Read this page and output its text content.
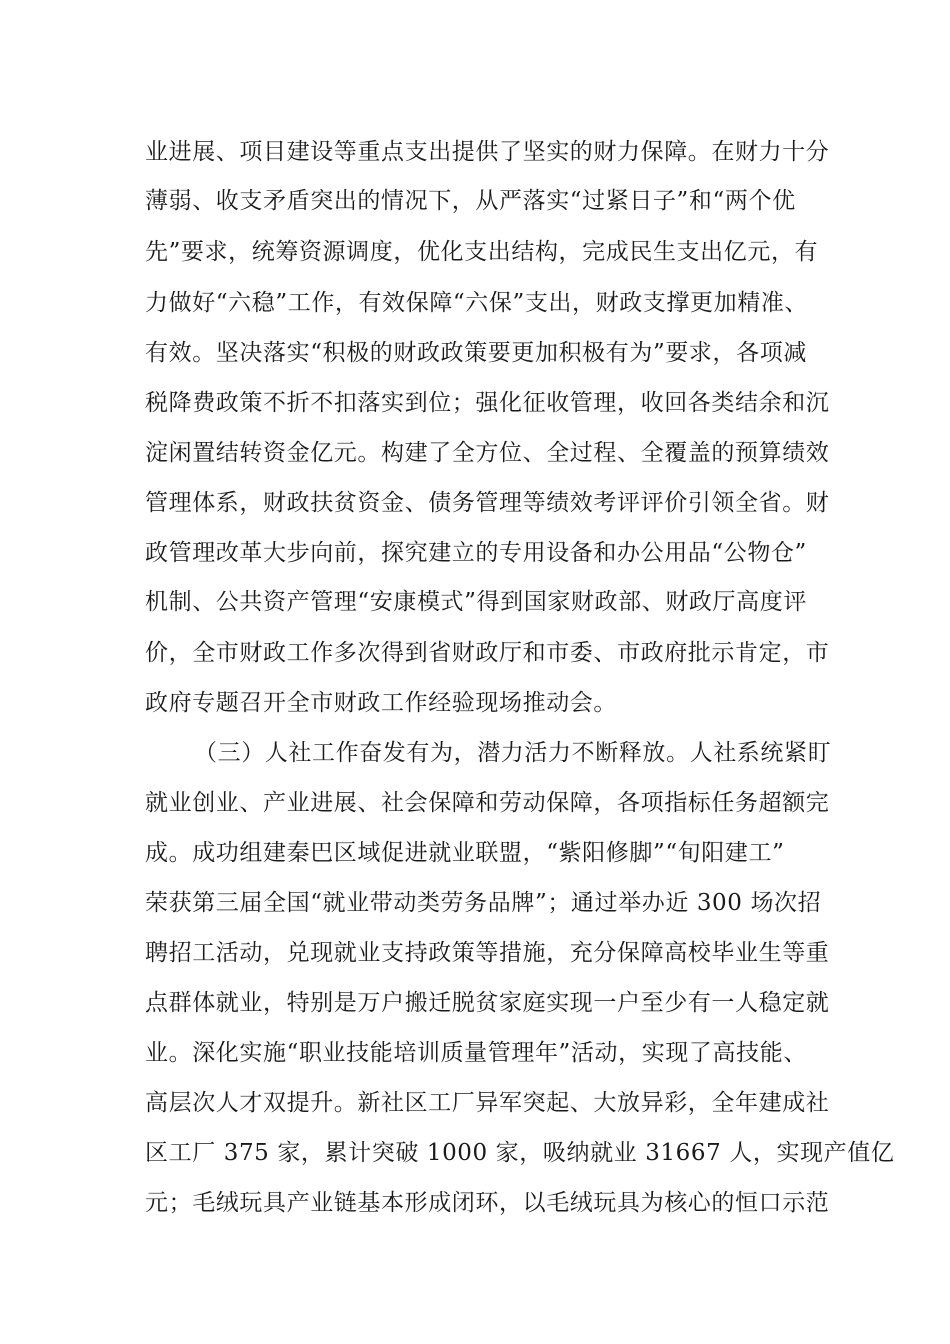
业进展、项目建设等重点支出提供了坚实的财力保障。在财力十分
薄弱、收支矛盾突出的情况下，从严落实“过紧日子”和“两个优
先”要求，统筹资源调度，优化支出结构，完成民生支出亿元，有
力做好“六稳”工作，有效保障“六保”支出，财政支撑更加精准、
有效。坚决落实“积极的财政政策要更加积极有为”要求，各项减
税降费政策不折不扣落实到位；强化征收管理，收回各类结余和沉
淀闲置结转资金亿元。构建了全方位、全过程、全覆盖的预算绩效
管理体系，财政扶贫资金、债务管理等绩效考评评价引领全省。财
政管理改革大步向前，探究建立的专用设备和办公用品“公物仓”
机制、公共资产管理“安康模式”得到国家财政部、财政厅高度评
价，全市财政工作多次得到省财政厅和市委、市政府批示肯定，市
政府专题召开全市财政工作经验现场推动会。
（三）人社工作奋发有为，潜力活力不断释放。人社系统紧盯
就业创业、产业进展、社会保障和劳动保障，各项指标任务超额完
成。成功组建秦巴区域促进就业联盟，“紫阳修脚”“旬阳建工”
荣获第三届全国“就业带动类劳务品牌”；通过举办近 300 场次招
聘招工活动，兑现就业支持政策等措施，充分保障高校毕业生等重
点群体就业，特别是万户搬迁脱贫家庭实现一户至少有一人稳定就
业。深化实施“职业技能培训质量管理年”活动，实现了高技能、
高层次人才双提升。新社区工厂异军突起、大放异彩，全年建成社
区工厂 375 家，累计突破 1000 家，吸纳就业 31667 人，实现产值亿
元；毛绒玩具产业链基本形成闭环，以毛绒玩具为核心的恒口示范
